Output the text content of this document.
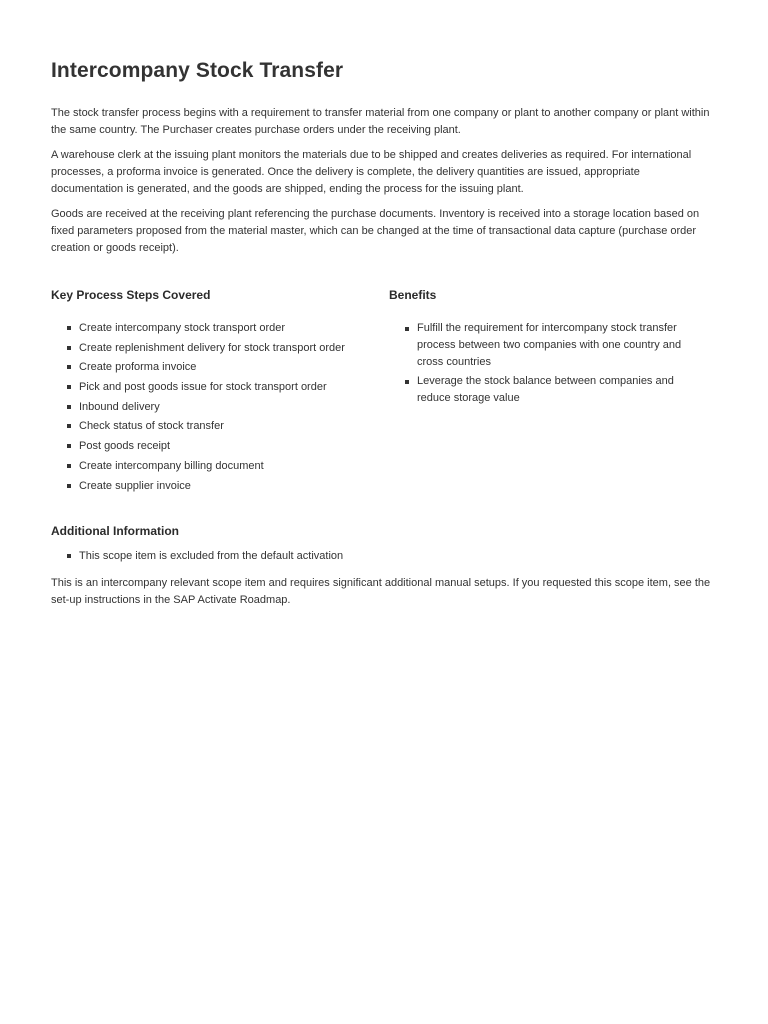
Intercompany Stock Transfer

The stock transfer process begins with a requirement to transfer material from one company or plant to another company or plant within the same country. The Purchaser creates purchase orders under the receiving plant.

A warehouse clerk at the issuing plant monitors the materials due to be shipped and creates deliveries as required. For international processes, a proforma invoice is generated. Once the delivery is complete, the delivery quantities are issued, appropriate documentation is generated, and the goods are shipped, ending the process for the issuing plant.

Goods are received at the receiving plant referencing the purchase documents. Inventory is received into a storage location based on fixed parameters proposed from the material master, which can be changed at the time of transactional data capture (purchase order creation or goods receipt).

Key Process Steps Covered
Create intercompany stock transport order
Create replenishment delivery for stock transport order
Create proforma invoice
Pick and post goods issue for stock transport order
Inbound delivery
Check status of stock transfer
Post goods receipt
Create intercompany billing document
Create supplier invoice
Benefits
Fulfill the requirement for intercompany stock transfer process between two companies with one country and cross countries
Leverage the stock balance between companies and reduce storage value
Additional Information
This scope item is excluded from the default activation

This is an intercompany relevant scope item and requires significant additional manual setups. If you requested this scope item, see the set-up instructions in the SAP Activate Roadmap.
